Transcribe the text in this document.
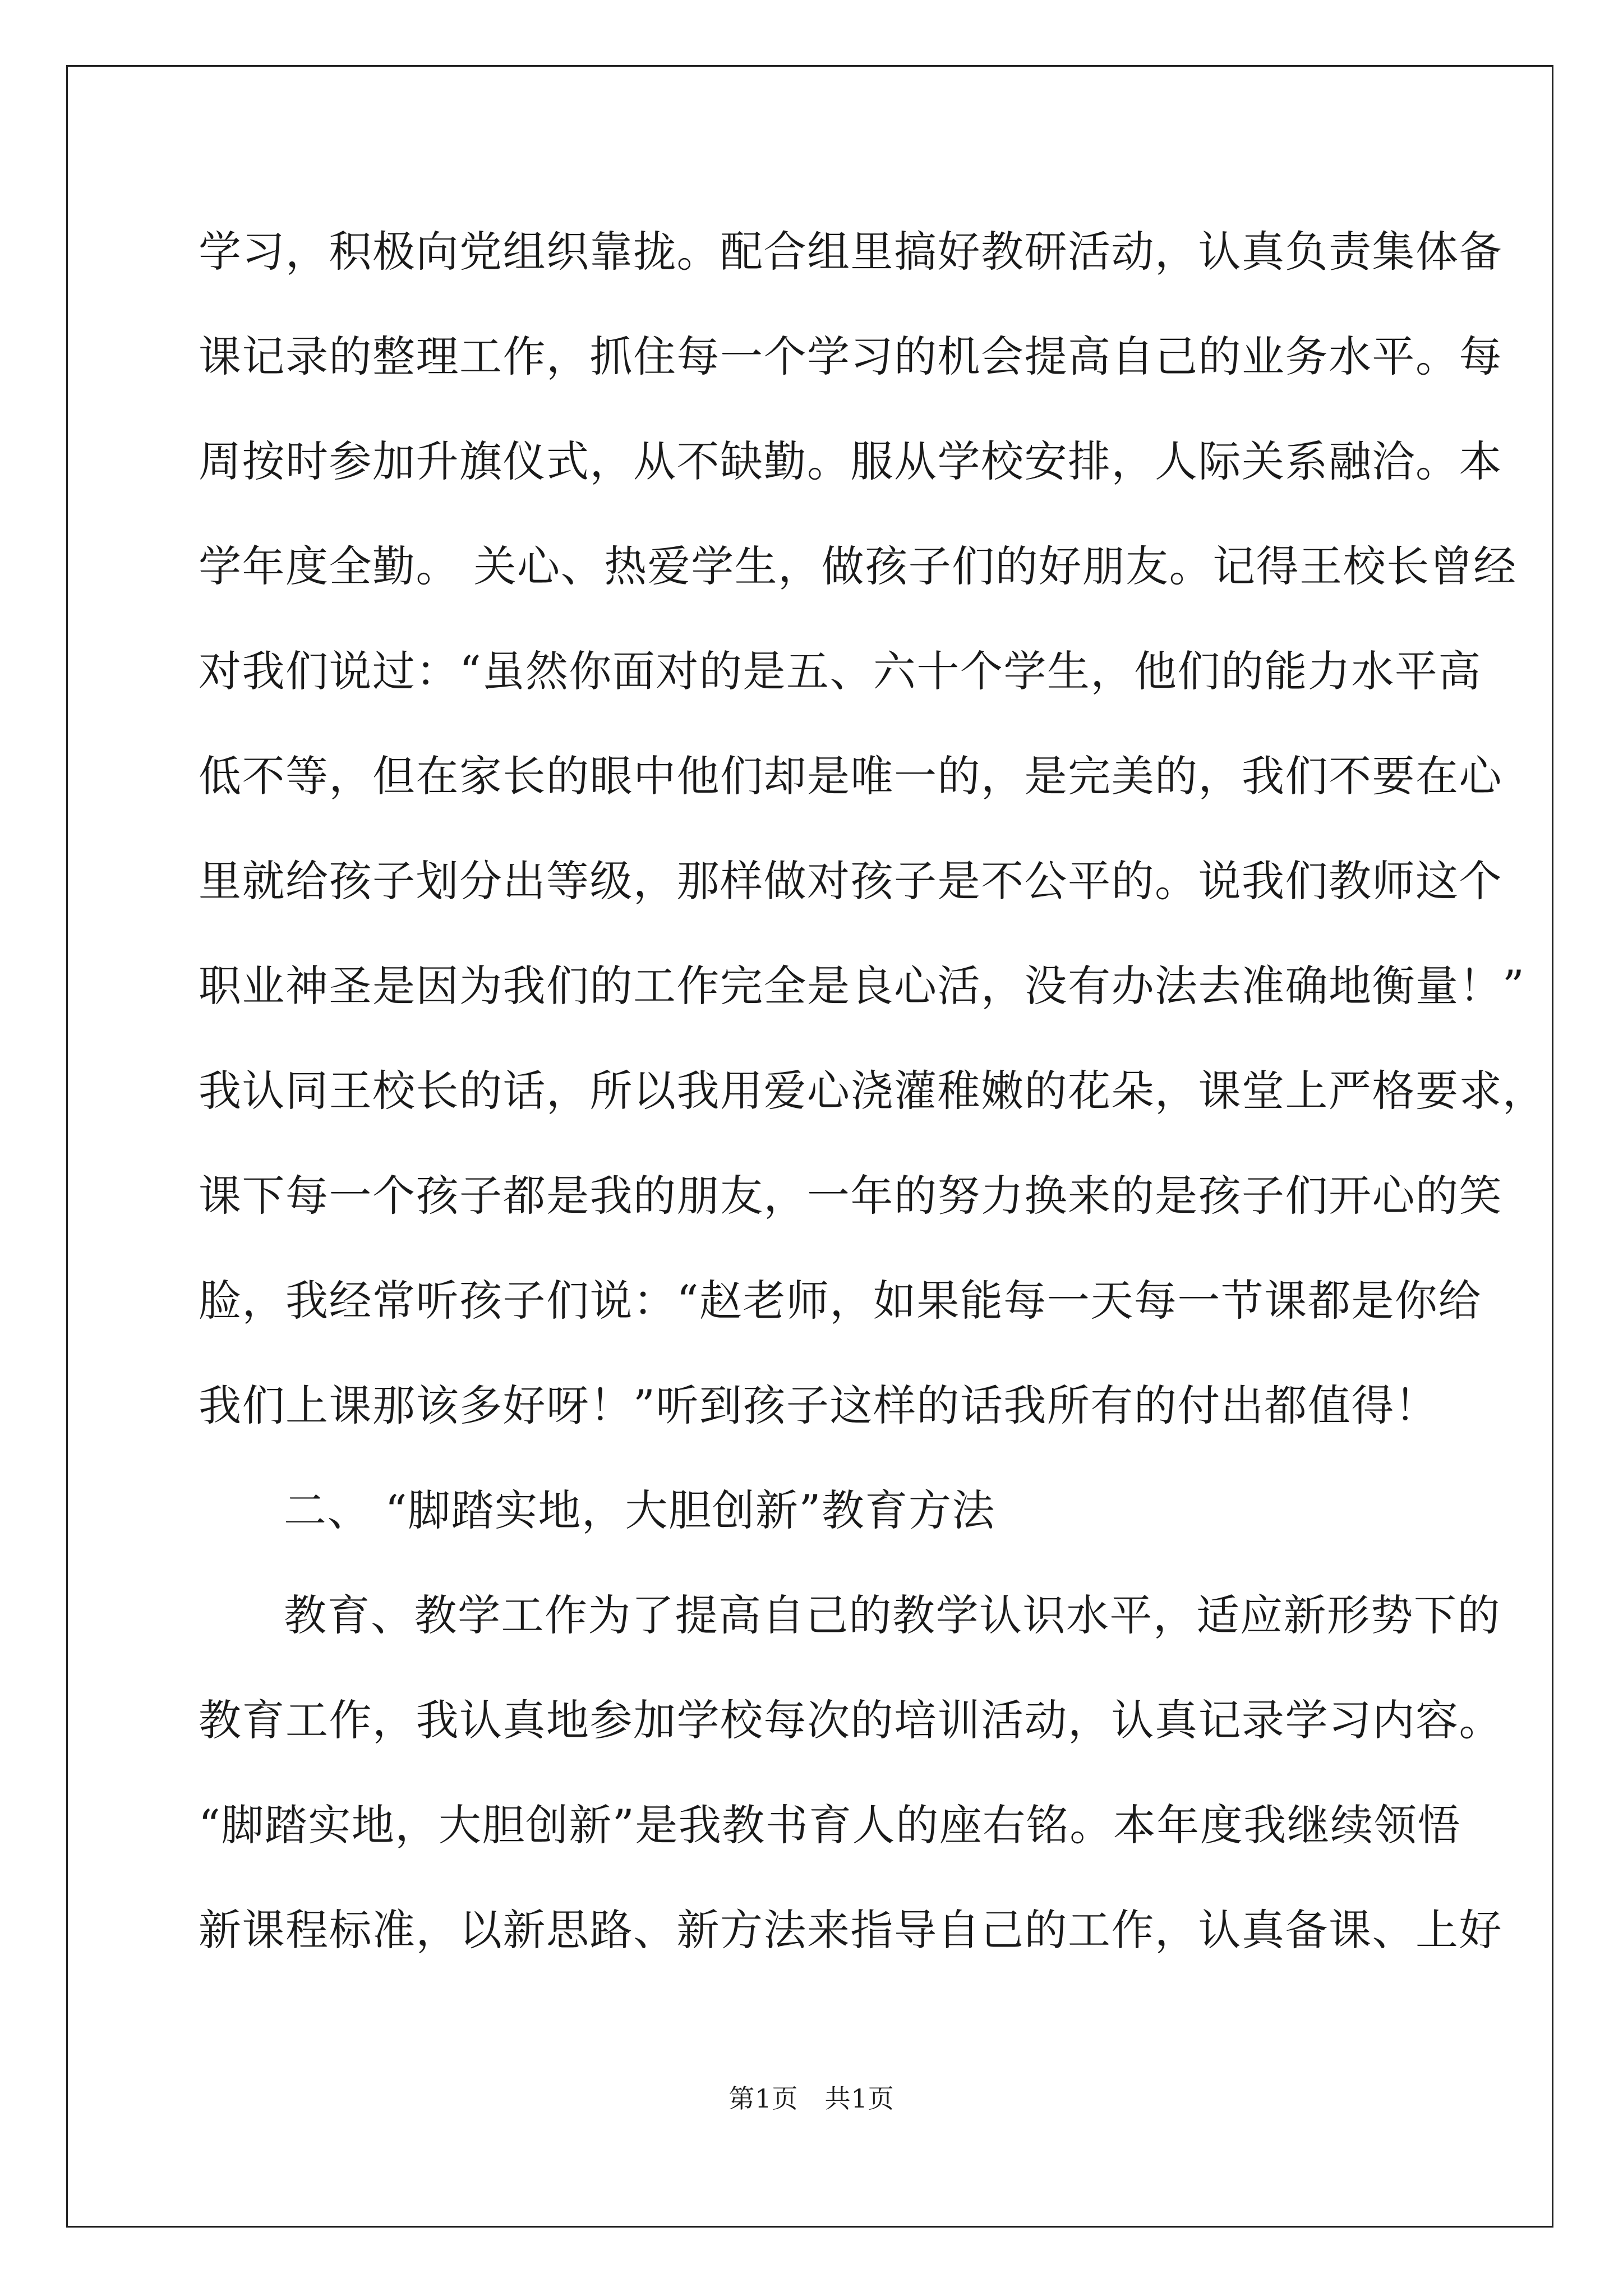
学习，积极向党组织靠拢。配合组里搞好教研活动，认真负责集体备
课记录的整理工作，抓住每一个学习的机会提高自己的业务水平。每
周按时参加升旗仪式，从不缺勤。服从学校安排，人际关系融洽。本
学年度全勤。 关心、热爱学生，做孩子们的好朋友。记得王校长曾经
对我们说过：“虽然你面对的是五、六十个学生，他们的能力水平高
低不等，但在家长的眼中他们却是唯一的，是完美的，我们不要在心
里就给孩子划分出等级，那样做对孩子是不公平的。说我们教师这个
职业神圣是因为我们的工作完全是良心活，没有办法去准确地衡量！”
我认同王校长的话，所以我用爱心浇灌稚嫩的花朵，课堂上严格要求，
课下每一个孩子都是我的朋友，一年的努力换来的是孩子们开心的笑
脸，我经常听孩子们说：“赵老师，如果能每一天每一节课都是你给
我们上课那该多好呀！”听到孩子这样的话我所有的付出都值得！
二、 “脚踏实地，大胆创新”教育方法
教育、教学工作为了提高自己的教学认识水平，适应新形势下的
教育工作，我认真地参加学校每次的培训活动，认真记录学习内容。
“脚踏实地，大胆创新”是我教书育人的座右铭。本年度我继续领悟
新课程标准，以新思路、新方法来指导自己的工作，认真备课、上好
第1页 共1页
